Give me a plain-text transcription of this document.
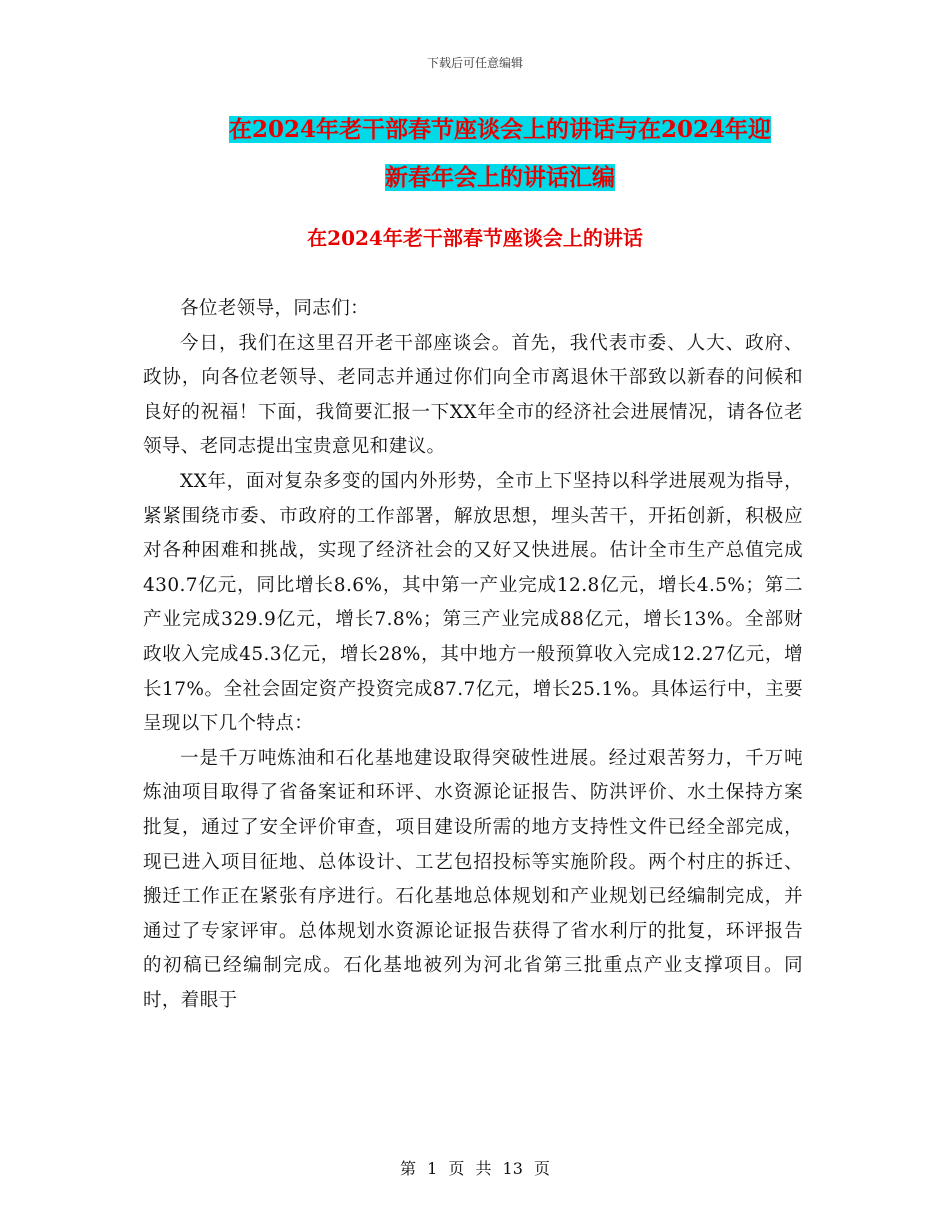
下载后可任意编辑
在2024年老干部春节座谈会上的讲话与在2024年迎
新春年会上的讲话汇编
在2024年老干部春节座谈会上的讲话

各位老领导，同志们：

今日，我们在这里召开老干部座谈会。首先，我代表市委、人大、政府、政协，向各位老领导、老同志并通过你们向全市离退休干部致以新春的问候和良好的祝福！下面，我简要汇报一下XX年全市的经济社会进展情况，请各位老领导、老同志提出宝贵意见和建议。

XX年，面对复杂多变的国内外形势，全市上下坚持以科学进展观为指导，紧紧围绕市委、市政府的工作部署，解放思想，埋头苦干，开拓创新，积极应对各种困难和挑战，实现了经济社会的又好又快进展。估计全市生产总值完成430.7亿元，同比增长8.6%，其中第一产业完成12.8亿元，增长4.5%；第二产业完成329.9亿元，增长7.8%；第三产业完成88亿元，增长13%。全部财政收入完成45.3亿元，增长28%，其中地方一般预算收入完成12.27亿元，增长17%。全社会固定资产投资完成87.7亿元，增长25.1%。具体运行中，主要呈现以下几个特点：

一是千万吨炼油和石化基地建设取得突破性进展。经过艰苦努力，千万吨炼油项目取得了省备案证和环评、水资源论证报告、防洪评价、水土保持方案批复，通过了安全评价审查，项目建设所需的地方支持性文件已经全部完成，现已进入项目征地、总体设计、工艺包招投标等实施阶段。两个村庄的拆迁、搬迁工作正在紧张有序进行。石化基地总体规划和产业规划已经编制完成，并通过了专家评审。总体规划水资源论证报告获得了省水利厅的批复，环评报告的初稿已经编制完成。石化基地被列为河北省第三批重点产业支撑项目。同时，着眼于

第 1 页 共 13 页
